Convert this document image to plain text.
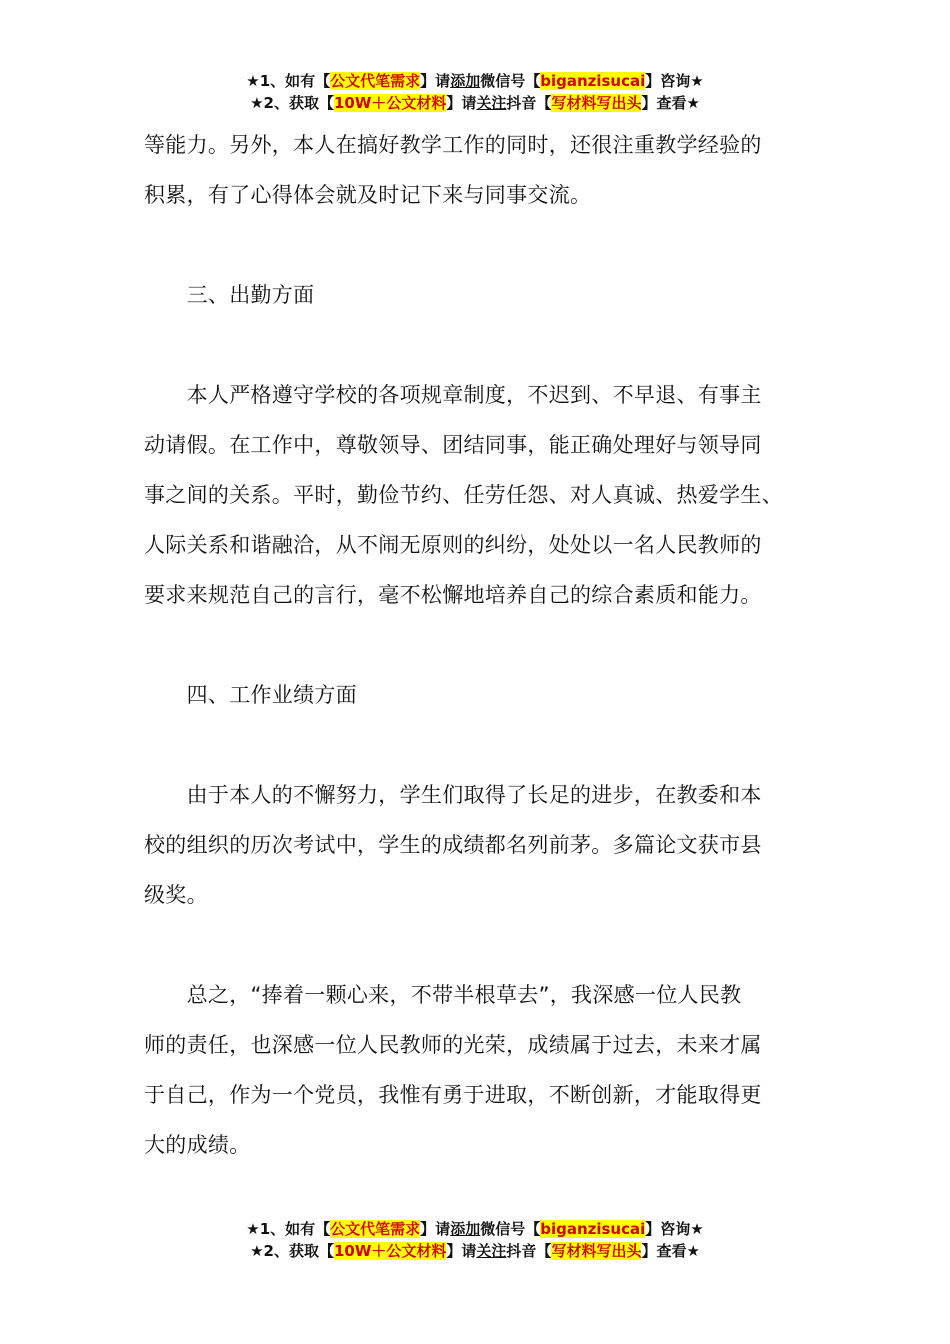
★1、如有【公文代笔需求】请添加微信号【biganzisucai】咨询★
★2、获取【10W＋公文材料】请关注抖音【写材料写出头】查看★
等能力。另外，本人在搞好教学工作的同时，还很注重教学经验的
积累，有了心得体会就及时记下来与同事交流。
　　三、出勤方面
　　本人严格遵守学校的各项规章制度，不迟到、不早退、有事主
动请假。在工作中，尊敬领导、团结同事，能正确处理好与领导同
事之间的关系。平时，勤俭节约、任劳任怨、对人真诚、热爱学生、
人际关系和谐融洽，从不闹无原则的纠纷，处处以一名人民教师的
要求来规范自己的言行，毫不松懈地培养自己的综合素质和能力。
　　四、工作业绩方面
　　由于本人的不懈努力，学生们取得了长足的进步，在教委和本
校的组织的历次考试中，学生的成绩都名列前茅。多篇论文获市县
级奖。
　　总之，“捧着一颗心来，不带半根草去”，我深感一位人民教
师的责任，也深感一位人民教师的光荣，成绩属于过去，未来才属
于自己，作为一个党员，我惟有勇于进取，不断创新，才能取得更
大的成绩。
★1、如有【公文代笔需求】请添加微信号【biganzisucai】咨询★
★2、获取【10W＋公文材料】请关注抖音【写材料写出头】查看★
